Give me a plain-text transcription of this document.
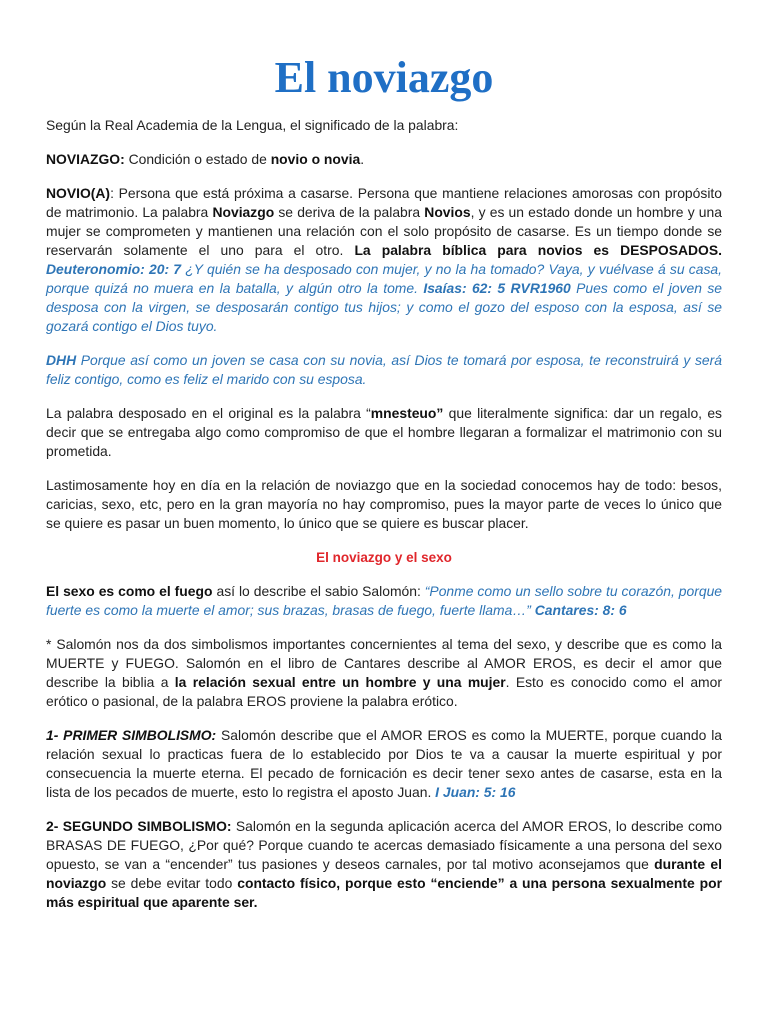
El noviazgo

Según la Real Academia de la Lengua, el significado de la palabra:

NOVIAZGO: Condición o estado de novio o novia.

NOVIO(A): Persona que está próxima a casarse. Persona que mantiene relaciones amorosas con propósito de matrimonio. La palabra Noviazgo se deriva de la palabra Novios, y es un estado donde un hombre y una mujer se comprometen y mantienen una relación con el solo propósito de casarse. Es un tiempo donde se reservarán solamente el uno para el otro. La palabra bíblica para novios es DESPOSADOS. Deuteronomio: 20: 7 ¿Y quién se ha desposado con mujer, y no la ha tomado? Vaya, y vuélvase á su casa, porque quizá no muera en la batalla, y algún otro la tome. Isaías: 62: 5 RVR1960 Pues como el joven se desposa con la virgen, se desposarán contigo tus hijos; y como el gozo del esposo con la esposa, así se gozará contigo el Dios tuyo.

DHH Porque así como un joven se casa con su novia, así Dios te tomará por esposa, te reconstruirá y será feliz contigo, como es feliz el marido con su esposa.

La palabra desposado en el original es la palabra “mnesteuo” que literalmente significa: dar un regalo, es decir que se entregaba algo como compromiso de que el hombre llegaran a formalizar el matrimonio con su prometida.

Lastimosamente hoy en día en la relación de noviazgo que en la sociedad conocemos hay de todo: besos, caricias, sexo, etc, pero en la gran mayoría no hay compromiso, pues la mayor parte de veces lo único que se quiere es pasar un buen momento, lo único que se quiere es buscar placer.

El noviazgo y el sexo

El sexo es como el fuego así lo describe el sabio Salomón: “Ponme como un sello sobre tu corazón, porque fuerte es como la muerte el amor; sus brazas, brasas de fuego, fuerte llama…” Cantares: 8: 6

* Salomón nos da dos simbolismos importantes concernientes al tema del sexo, y describe que es como la MUERTE y FUEGO. Salomón en el libro de Cantares describe al AMOR EROS, es decir el amor que describe la biblia a la relación sexual entre un hombre y una mujer. Esto es conocido como el amor erótico o pasional, de la palabra EROS proviene la palabra erótico.

1- PRIMER SIMBOLISMO: Salomón describe que el AMOR EROS es como la MUERTE, porque cuando la relación sexual lo practicas fuera de lo establecido por Dios te va a causar la muerte espiritual y por consecuencia la muerte eterna. El pecado de fornicación es decir tener sexo antes de casarse, esta en la lista de los pecados de muerte, esto lo registra el aposto Juan. I Juan: 5: 16

2- SEGUNDO SIMBOLISMO: Salomón en la segunda aplicación acerca del AMOR EROS, lo describe como BRASAS DE FUEGO, ¿Por qué? Porque cuando te acercas demasiado físicamente a una persona del sexo opuesto, se van a “encender” tus pasiones y deseos carnales, por tal motivo aconsejamos que durante el noviazgo se debe evitar todo contacto físico, porque esto “enciende” a una persona sexualmente por más espiritual que aparente ser.
